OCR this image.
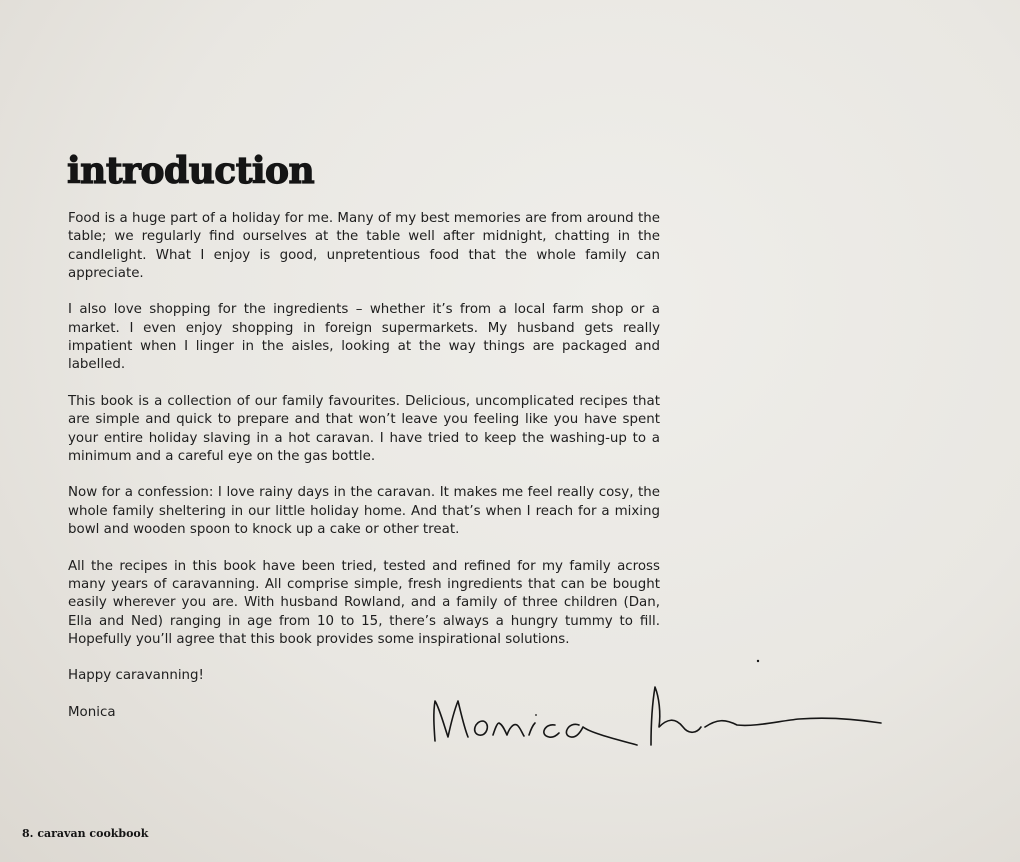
introduction

Food is a huge part of a holiday for me. Many of my best memories are from around the table; we regularly find ourselves at the table well after midnight, chatting in the candlelight. What I enjoy is good, unpretentious food that the whole family can appreciate.

I also love shopping for the ingredients – whether it’s from a local farm shop or a market. I even enjoy shopping in foreign supermarkets. My husband gets really impatient when I linger in the aisles, looking at the way things are packaged and labelled.

This book is a collection of our family favourites. Delicious, uncomplicated recipes that are simple and quick to prepare and that won’t leave you feeling like you have spent your entire holiday slaving in a hot caravan. I have tried to keep the washing-up to a minimum and a careful eye on the gas bottle.

Now for a confession: I love rainy days in the caravan. It makes me feel really cosy, the whole family sheltering in our little holiday home. And that’s when I reach for a mixing bowl and wooden spoon to knock up a cake or other treat.

All the recipes in this book have been tried, tested and refined for my family across many years of caravanning. All comprise simple, fresh ingredients that can be bought easily wherever you are. With husband Rowland, and a family of three children (Dan, Ella and Ned) ranging in age from 10 to 15, there’s always a hungry tummy to fill. Hopefully you’ll agree that this book provides some inspirational solutions.

Happy caravanning!

Monica

8. caravan cookbook
